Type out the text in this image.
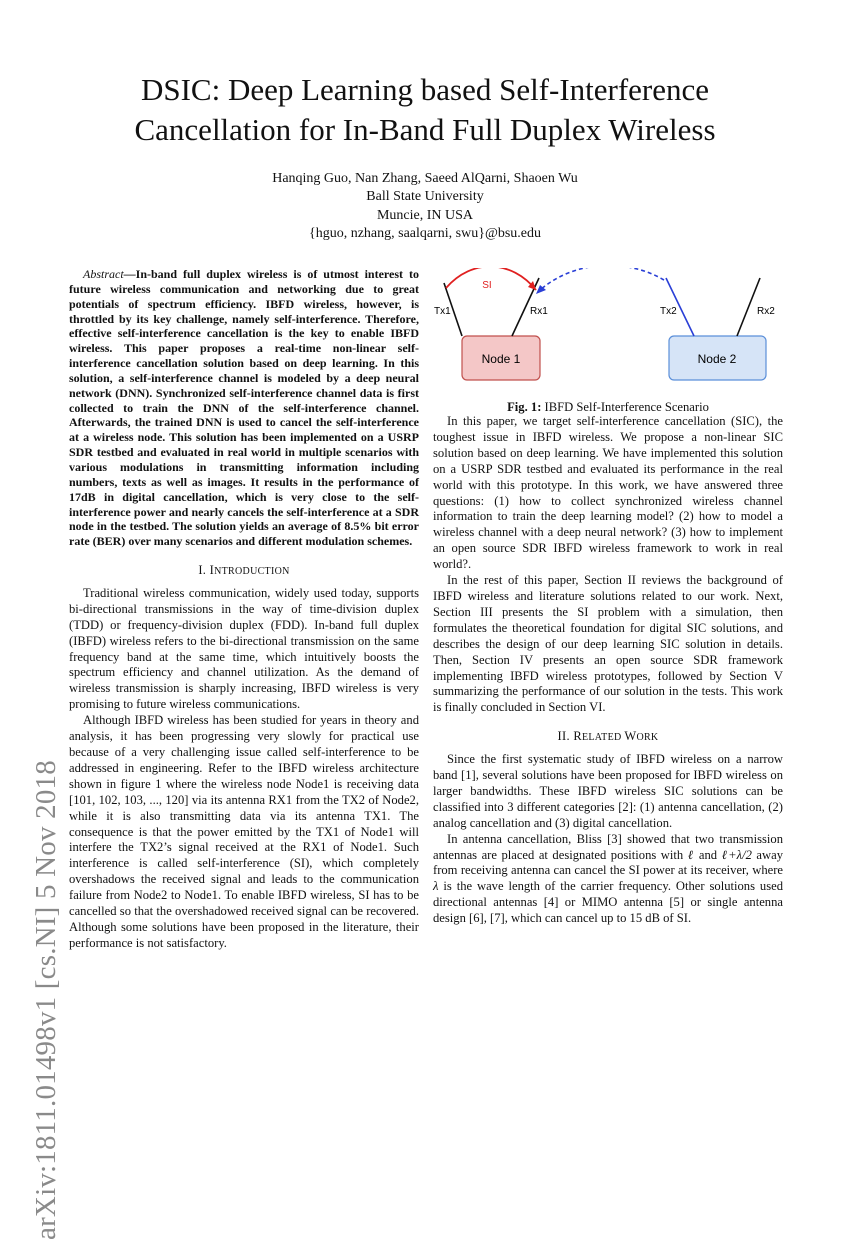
DSIC: Deep Learning based Self-Interference
Cancellation for In-Band Full Duplex Wireless
Hanqing Guo, Nan Zhang, Saeed AlQarni, Shaoen Wu
Ball State University
Muncie, IN USA
{hguo, nzhang, saalqarni, swu}@bsu.edu
arXiv:1811.01498v1 [cs.NI] 5 Nov 2018

Abstract—In-band full duplex wireless is of utmost interest to future wireless communication and networking due to great potentials of spectrum efficiency. IBFD wireless, however, is throttled by its key challenge, namely self-interference. Therefore, effective self-interference cancellation is the key to enable IBFD wireless. This paper proposes a real-time non-linear self-interference cancellation solution based on deep learning. In this solution, a self-interference channel is modeled by a deep neural network (DNN). Synchronized self-interference channel data is first collected to train the DNN of the self-interference channel. Afterwards, the trained DNN is used to cancel the self-interference at a wireless node. This solution has been implemented on a USRP SDR testbed and evaluated in real world in multiple scenarios with various modulations in transmitting information including numbers, texts as well as images. It results in the performance of 17dB in digital cancellation, which is very close to the self-interference power and nearly cancels the self-interference at a SDR node in the testbed. The solution yields an average of 8.5% bit error rate (BER) over many scenarios and different modulation schemes.

I. INTRODUCTION

Traditional wireless communication, widely used today, supports bi-directional transmissions in the way of time-division duplex (TDD) or frequency-division duplex (FDD). In-band full duplex (IBFD) wireless refers to the bi-directional transmission on the same frequency band at the same time, which intuitively boosts the spectrum efficiency and channel utilization. As the demand of wireless transmission is sharply increasing, IBFD wireless is very promising to future wireless communications.

Although IBFD wireless has been studied for years in theory and analysis, it has been progressing very slowly for practical use because of a very challenging issue called self-interference to be addressed in engineering. Refer to the IBFD wireless architecture shown in figure 1 where the wireless node Node1 is receiving data [101, 102, 103, ..., 120] via its antenna RX1 from the TX2 of Node2, while it is also transmitting data via its antenna TX1. The consequence is that the power emitted by the TX1 of Node1 will interfere the TX2’s signal received at the RX1 of Node1. Such interference is called self-interference (SI), which completely overshadows the received signal and leads to the communication failure from Node2 to Node1. To enable IBFD wireless, SI has to be cancelled so that the overshadowed received signal can be recovered. Although some solutions have been proposed in the literature, their performance is not satisfactory.

Node 1	Node 2
SI
Tx1	Rx1	Tx2	Rx2
Fig. 1: IBFD Self-Interference Scenario

In this paper, we target self-interference cancellation (SIC), the toughest issue in IBFD wireless. We propose a non-linear SIC solution based on deep learning. We have implemented this solution on a USRP SDR testbed and evaluated its performance in the real world with this prototype. In this work, we have answered three questions: (1) how to collect synchronized wireless channel information to train the deep learning model? (2) how to model a wireless channel with a deep neural network? (3) how to implement an open source SDR IBFD wireless framework to work in real world?.

In the rest of this paper, Section II reviews the background of IBFD wireless and literature solutions related to our work. Next, Section III presents the SI problem with a simulation, then formulates the theoretical foundation for digital SIC solutions, and describes the design of our deep learning SIC solution in details. Then, Section IV presents an open source SDR framework implementing IBFD wireless prototypes, followed by Section V summarizing the performance of our solution in the tests. This work is finally concluded in Section VI.

II. RELATED WORK

Since the first systematic study of IBFD wireless on a narrow band [1], several solutions have been proposed for IBFD wireless on larger bandwidths. These IBFD wireless SIC solutions can be classified into 3 different categories [2]: (1) antenna cancellation, (2) analog cancellation and (3) digital cancellation.

In antenna cancellation, Bliss [3] showed that two transmission antennas are placed at designated positions with ℓ and ℓ+λ/2 away from receiving antenna can cancel the SI power at its receiver, where λ is the wave length of the carrier frequency. Other solutions used directional antennas [4] or MIMO antenna [5] or single antenna design [6], [7], which can cancel up to 15 dB of SI.
